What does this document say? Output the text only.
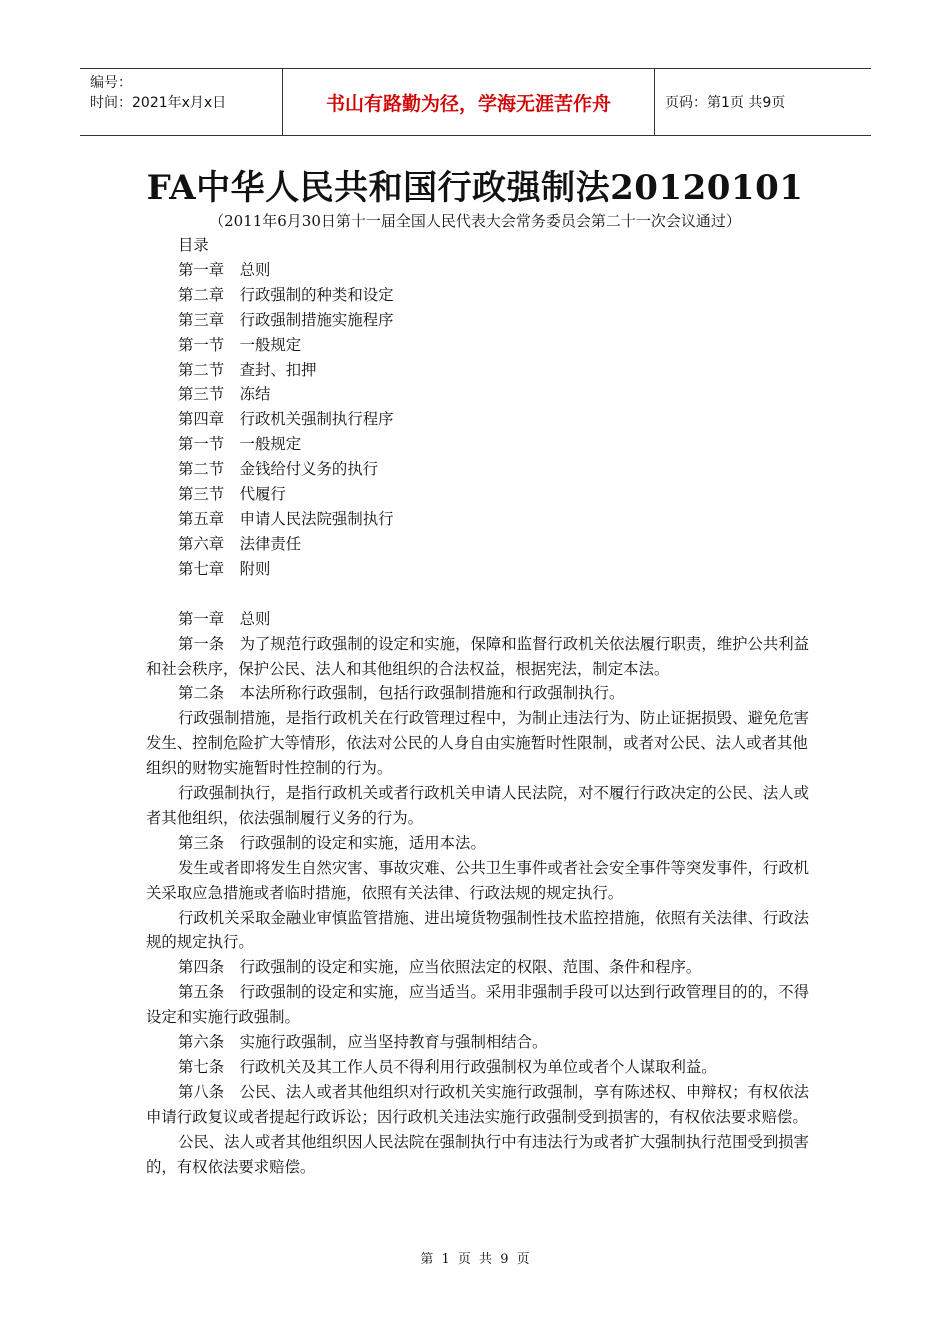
编号：
时间：2021年x月x日	书山有路勤为径，学海无涯苦作舟	页码：第1页 共9页
FA中华人民共和国行政强制法20120101
（2011年6月30日第十一届全国人民代表大会常务委员会第二十一次会议通过）

目录

第一章 总则

第二章 行政强制的种类和设定

第三章 行政强制措施实施程序

第一节 一般规定

第二节 查封、扣押

第三节 冻结

第四章 行政机关强制执行程序

第一节 一般规定

第二节 金钱给付义务的执行

第三节 代履行

第五章 申请人民法院强制执行

第六章 法律责任

第七章 附则

第一章 总则

第一条 为了规范行政强制的设定和实施，保障和监督行政机关依法履行职责，维护公共利益和社会秩序，保护公民、法人和其他组织的合法权益，根据宪法，制定本法。

第二条 本法所称行政强制，包括行政强制措施和行政强制执行。

行政强制措施，是指行政机关在行政管理过程中，为制止违法行为、防止证据损毁、避免危害发生、控制危险扩大等情形，依法对公民的人身自由实施暂时性限制，或者对公民、法人或者其他组织的财物实施暂时性控制的行为。

行政强制执行，是指行政机关或者行政机关申请人民法院，对不履行行政决定的公民、法人或者其他组织，依法强制履行义务的行为。

第三条 行政强制的设定和实施，适用本法。

发生或者即将发生自然灾害、事故灾难、公共卫生事件或者社会安全事件等突发事件，行政机关采取应急措施或者临时措施，依照有关法律、行政法规的规定执行。

行政机关采取金融业审慎监管措施、进出境货物强制性技术监控措施，依照有关法律、行政法规的规定执行。

第四条 行政强制的设定和实施，应当依照法定的权限、范围、条件和程序。

第五条 行政强制的设定和实施，应当适当。采用非强制手段可以达到行政管理目的的，不得设定和实施行政强制。

第六条 实施行政强制，应当坚持教育与强制相结合。

第七条 行政机关及其工作人员不得利用行政强制权为单位或者个人谋取利益。

第八条 公民、法人或者其他组织对行政机关实施行政强制，享有陈述权、申辩权；有权依法申请行政复议或者提起行政诉讼；因行政机关违法实施行政强制受到损害的，有权依法要求赔偿。

公民、法人或者其他组织因人民法院在强制执行中有违法行为或者扩大强制执行范围受到损害的，有权依法要求赔偿。

第 1 页 共 9 页
